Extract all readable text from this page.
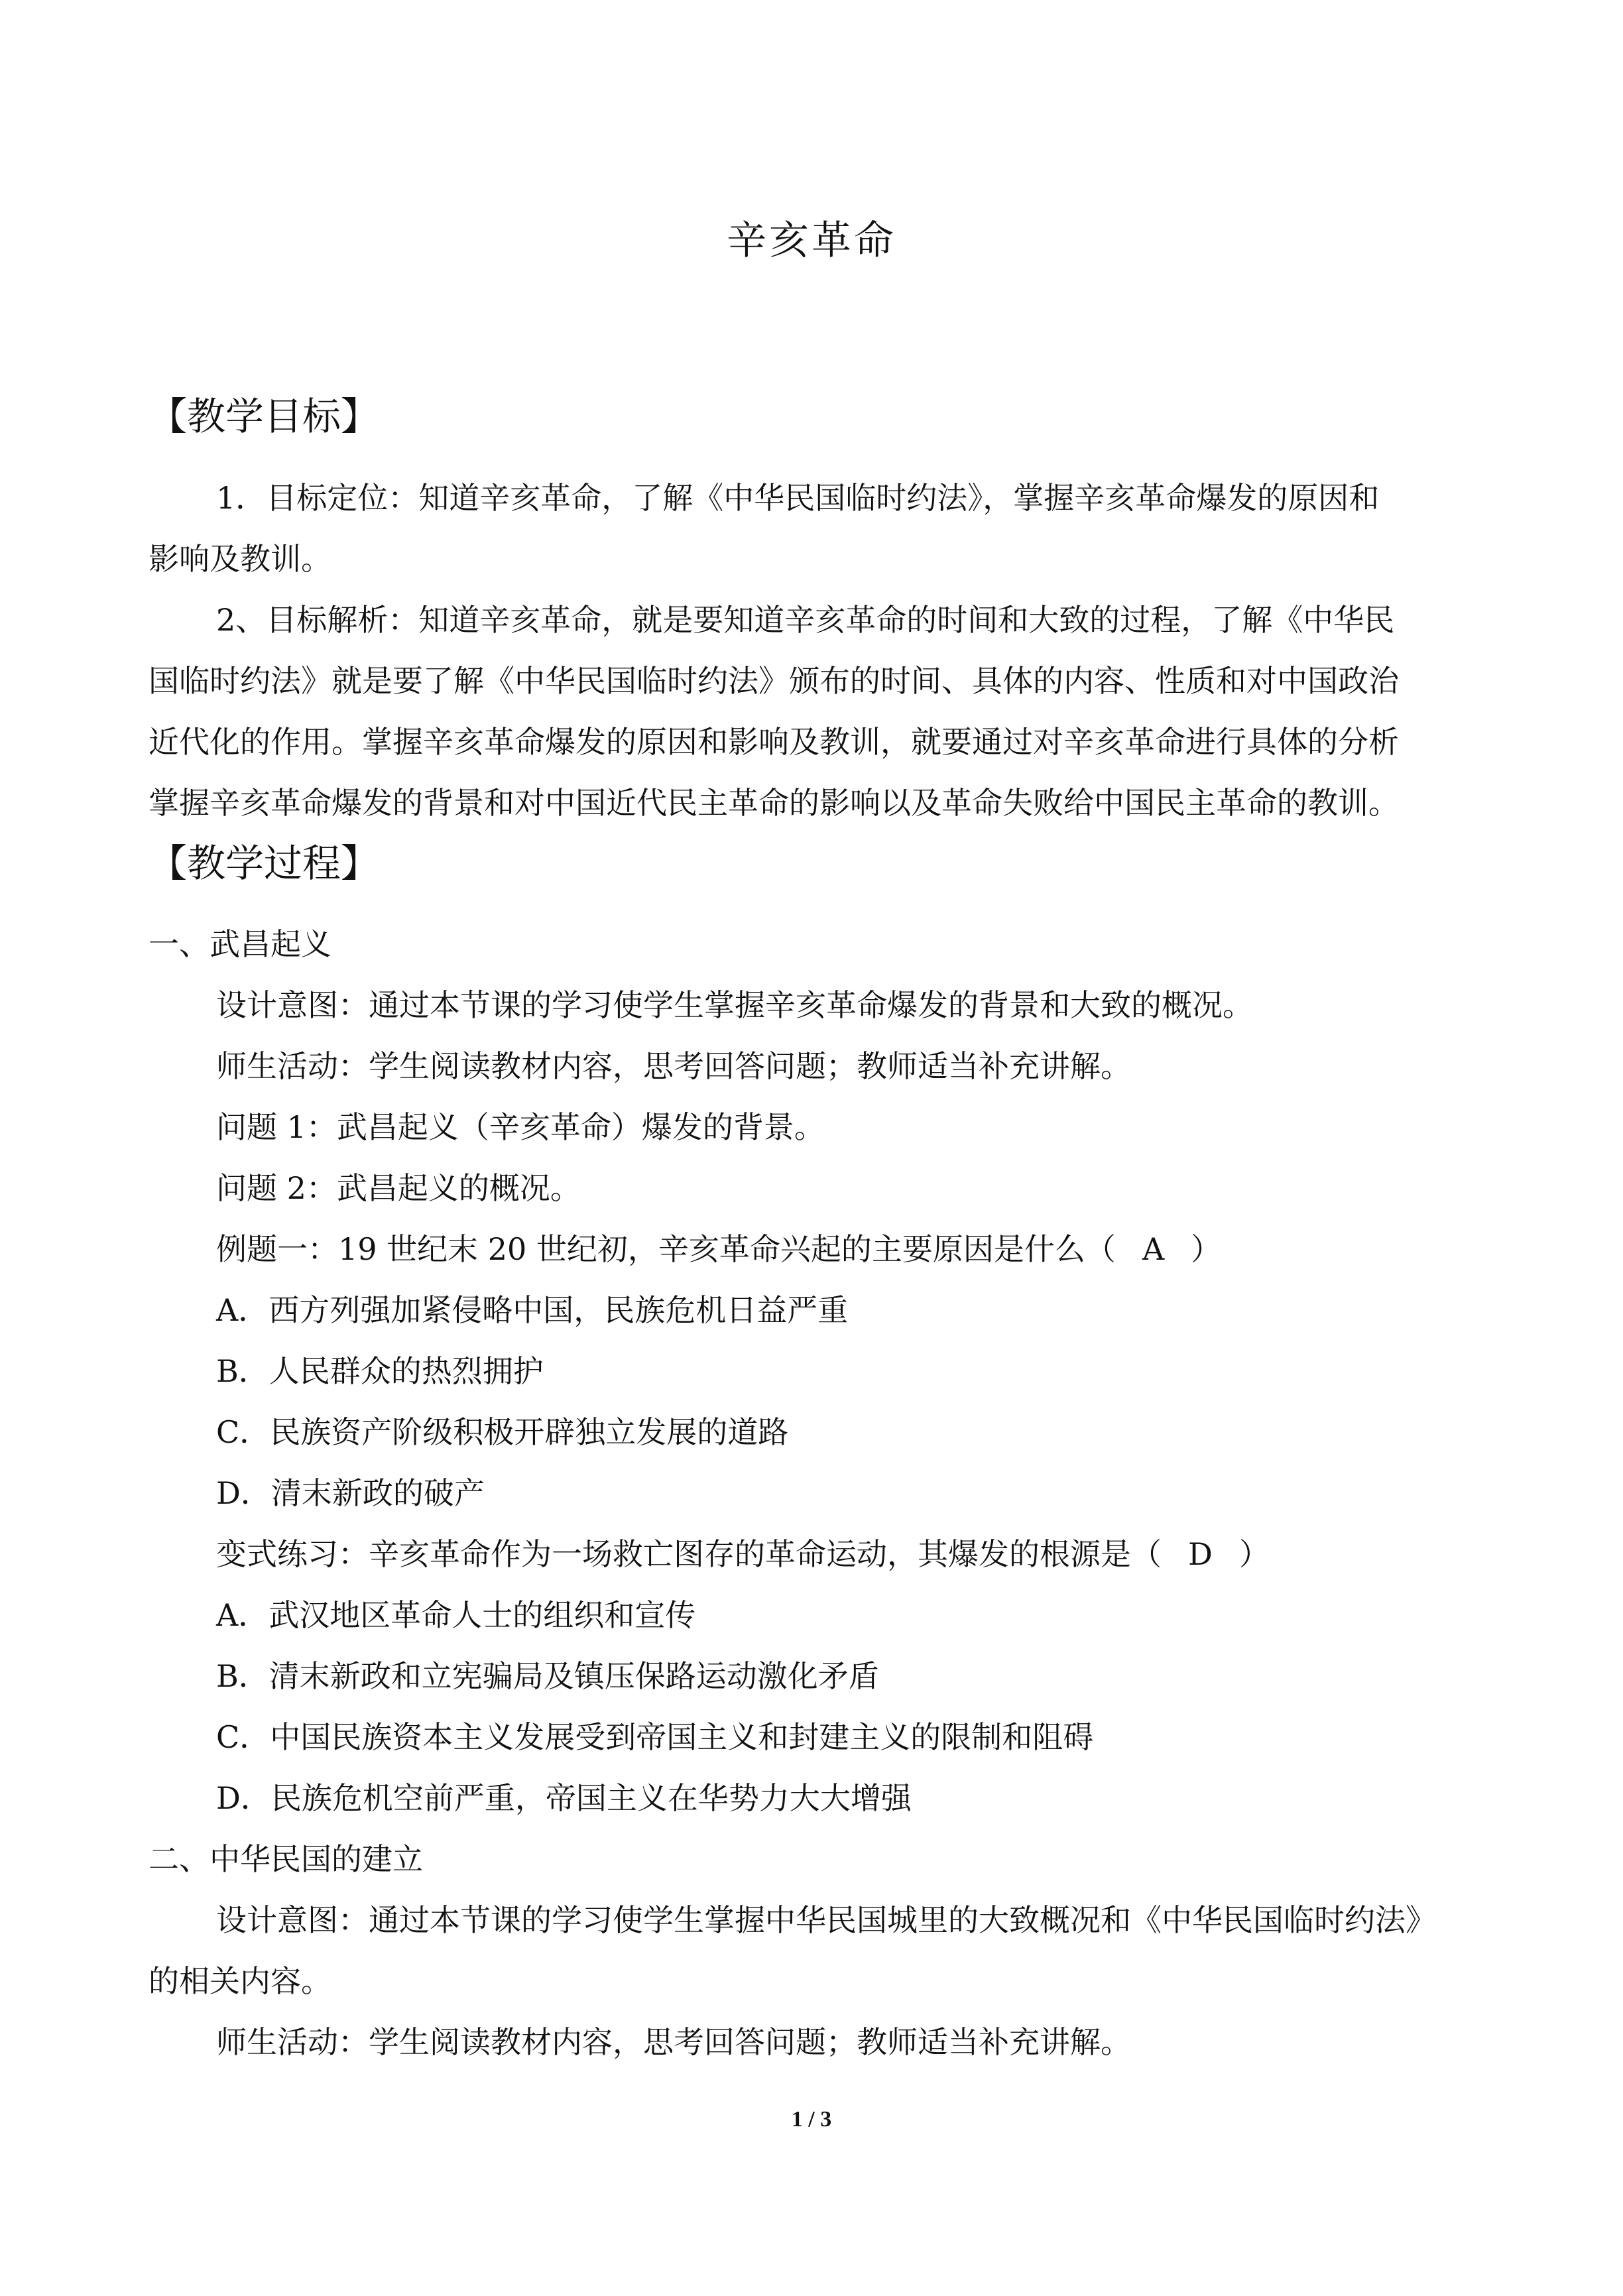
辛亥革命
【教学目标】
1．目标定位：知道辛亥革命，了解《中华民国临时约法》，掌握辛亥革命爆发的原因和
影响及教训。
2、目标解析：知道辛亥革命，就是要知道辛亥革命的时间和大致的过程，了解《中华民
国临时约法》就是要了解《中华民国临时约法》颁布的时间、具体的内容、性质和对中国政治
近代化的作用。掌握辛亥革命爆发的原因和影响及教训，就要通过对辛亥革命进行具体的分析
掌握辛亥革命爆发的背景和对中国近代民主革命的影响以及革命失败给中国民主革命的教训。
【教学过程】
一、武昌起义
设计意图：通过本节课的学习使学生掌握辛亥革命爆发的背景和大致的概况。
师生活动：学生阅读教材内容，思考回答问题；教师适当补充讲解。
问题 1：武昌起义（辛亥革命）爆发的背景。
问题 2：武昌起义的概况。
例题一：19 世纪末 20 世纪初，辛亥革命兴起的主要原因是什么（ A ）
A．西方列强加紧侵略中国，民族危机日益严重
B．人民群众的热烈拥护
C．民族资产阶级积极开辟独立发展的道路
D．清末新政的破产
变式练习：辛亥革命作为一场救亡图存的革命运动，其爆发的根源是（ D ）
A．武汉地区革命人士的组织和宣传
B．清末新政和立宪骗局及镇压保路运动激化矛盾
C．中国民族资本主义发展受到帝国主义和封建主义的限制和阻碍
D．民族危机空前严重，帝国主义在华势力大大增强
二、中华民国的建立
设计意图：通过本节课的学习使学生掌握中华民国城里的大致概况和《中华民国临时约法》
的相关内容。
师生活动：学生阅读教材内容，思考回答问题；教师适当补充讲解。
1 / 3
